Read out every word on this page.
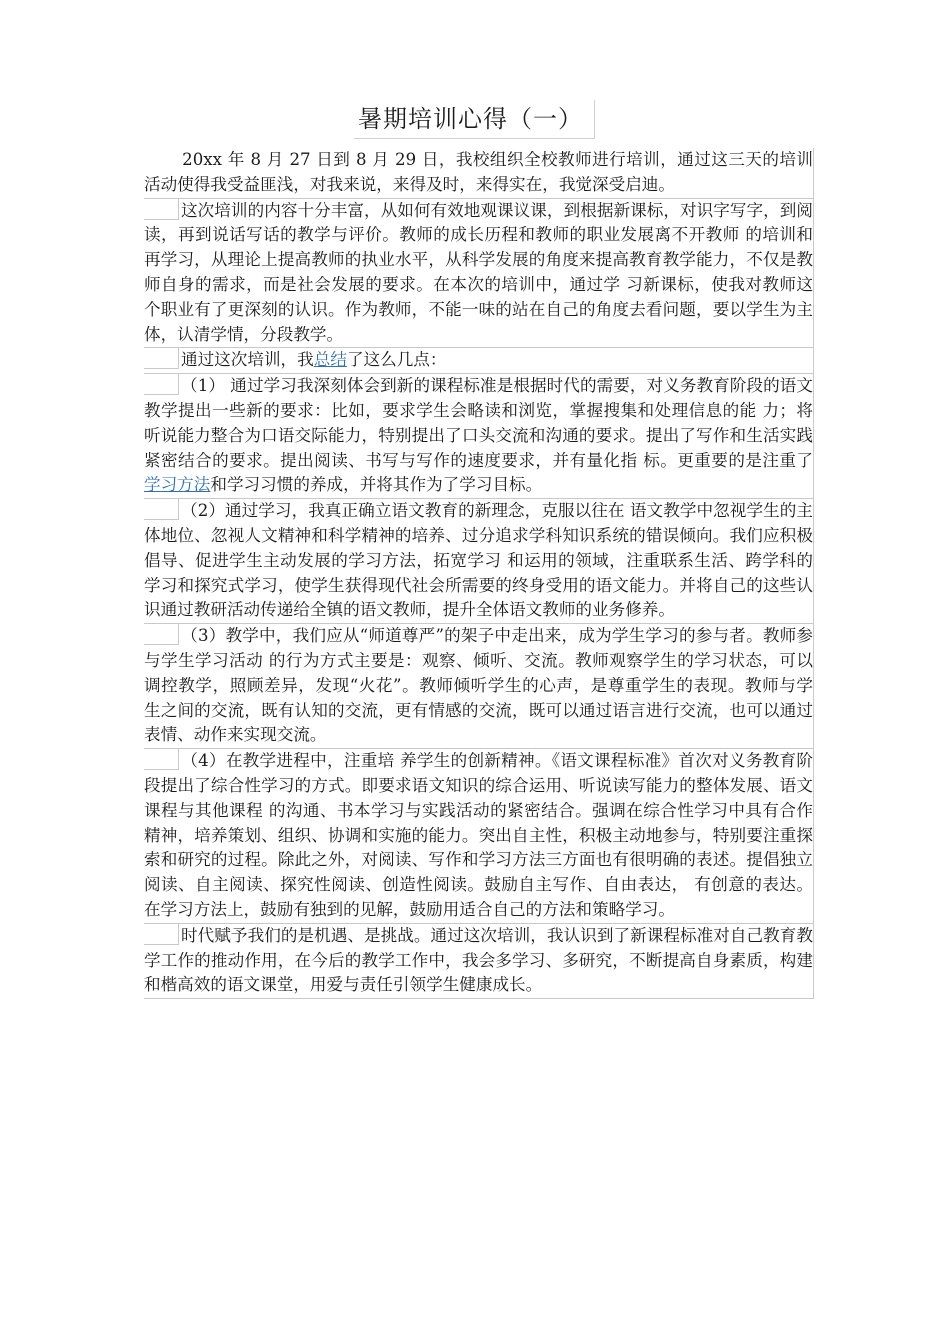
暑期培训心得（一）

20xx 年 8 月 27 日到 8 月 29 日，我校组织全校教师进行培训，通过这三天的培训活动使得我受益匪浅，对我来说，来得及时，来得实在，我觉深受启迪。

这次培训的内容十分丰富，从如何有效地观课议课，到根据新课标，对识字写字，到阅读，再到说话写话的教学与评价。教师的成长历程和教师的职业发展离不开教师 的培训和再学习，从理论上提高教师的执业水平，从科学发展的角度来提高教育教学能力，不仅是教师自身的需求，而是社会发展的要求。在本次的培训中，通过学 习新课标，使我对教师这个职业有了更深刻的认识。作为教师，不能一味的站在自己的角度去看问题，要以学生为主体，认清学情，分段教学。

通过这次培训，我总结了这么几点：

（1） 通过学习我深刻体会到新的课程标准是根据时代的需要，对义务教育阶段的语文教学提出一些新的要求：比如，要求学生会略读和浏览，掌握搜集和处理信息的能 力；将听说能力整合为口语交际能力，特别提出了口头交流和沟通的要求。提出了写作和生活实践紧密结合的要求。提出阅读、书写与写作的速度要求，并有量化指 标。更重要的是注重了学习方法和学习习惯的养成，并将其作为了学习目标。

（2）通过学习，我真正确立语文教育的新理念，克服以往在 语文教学中忽视学生的主体地位、忽视人文精神和科学精神的培养、过分追求学科知识系统的错误倾向。我们应积极倡导、促进学生主动发展的学习方法，拓宽学习 和运用的领域，注重联系生活、跨学科的学习和探究式学习，使学生获得现代社会所需要的终身受用的语文能力。并将自己的这些认识通过教研活动传递给全镇的语文教师，提升全体语文教师的业务修养。

（3）教学中，我们应从“师道尊严”的架子中走出来，成为学生学习的参与者。教师参与学生学习活动 的行为方式主要是：观察、倾听、交流。教师观察学生的学习状态，可以调控教学，照顾差异，发现“火花”。教师倾听学生的心声，是尊重学生的表现。教师与学 生之间的交流，既有认知的交流，更有情感的交流，既可以通过语言进行交流，也可以通过表情、动作来实现交流。

（4）在教学进程中，注重培 养学生的创新精神。《语文课程标准》首次对义务教育阶段提出了综合性学习的方式。即要求语文知识的综合运用、听说读写能力的整体发展、语文课程与其他课程 的沟通、书本学习与实践活动的紧密结合。强调在综合性学习中具有合作精神，培养策划、组织、协调和实施的能力。突出自主性，积极主动地参与，特别要注重探 索和研究的过程。除此之外，对阅读、写作和学习方法三方面也有很明确的表述。提倡独立阅读、自主阅读、探究性阅读、创造性阅读。鼓励自主写作、自由表达， 有创意的表达。在学习方法上，鼓励有独到的见解，鼓励用适合自己的方法和策略学习。

时代赋予我们的是机遇、是挑战。通过这次培训，我认识到了新课程标准对自己教育教学工作的推动作用，在今后的教学工作中，我会多学习、多研究，不断提高自身素质，构建和楷高效的语文课堂，用爱与责任引领学生健康成长。
